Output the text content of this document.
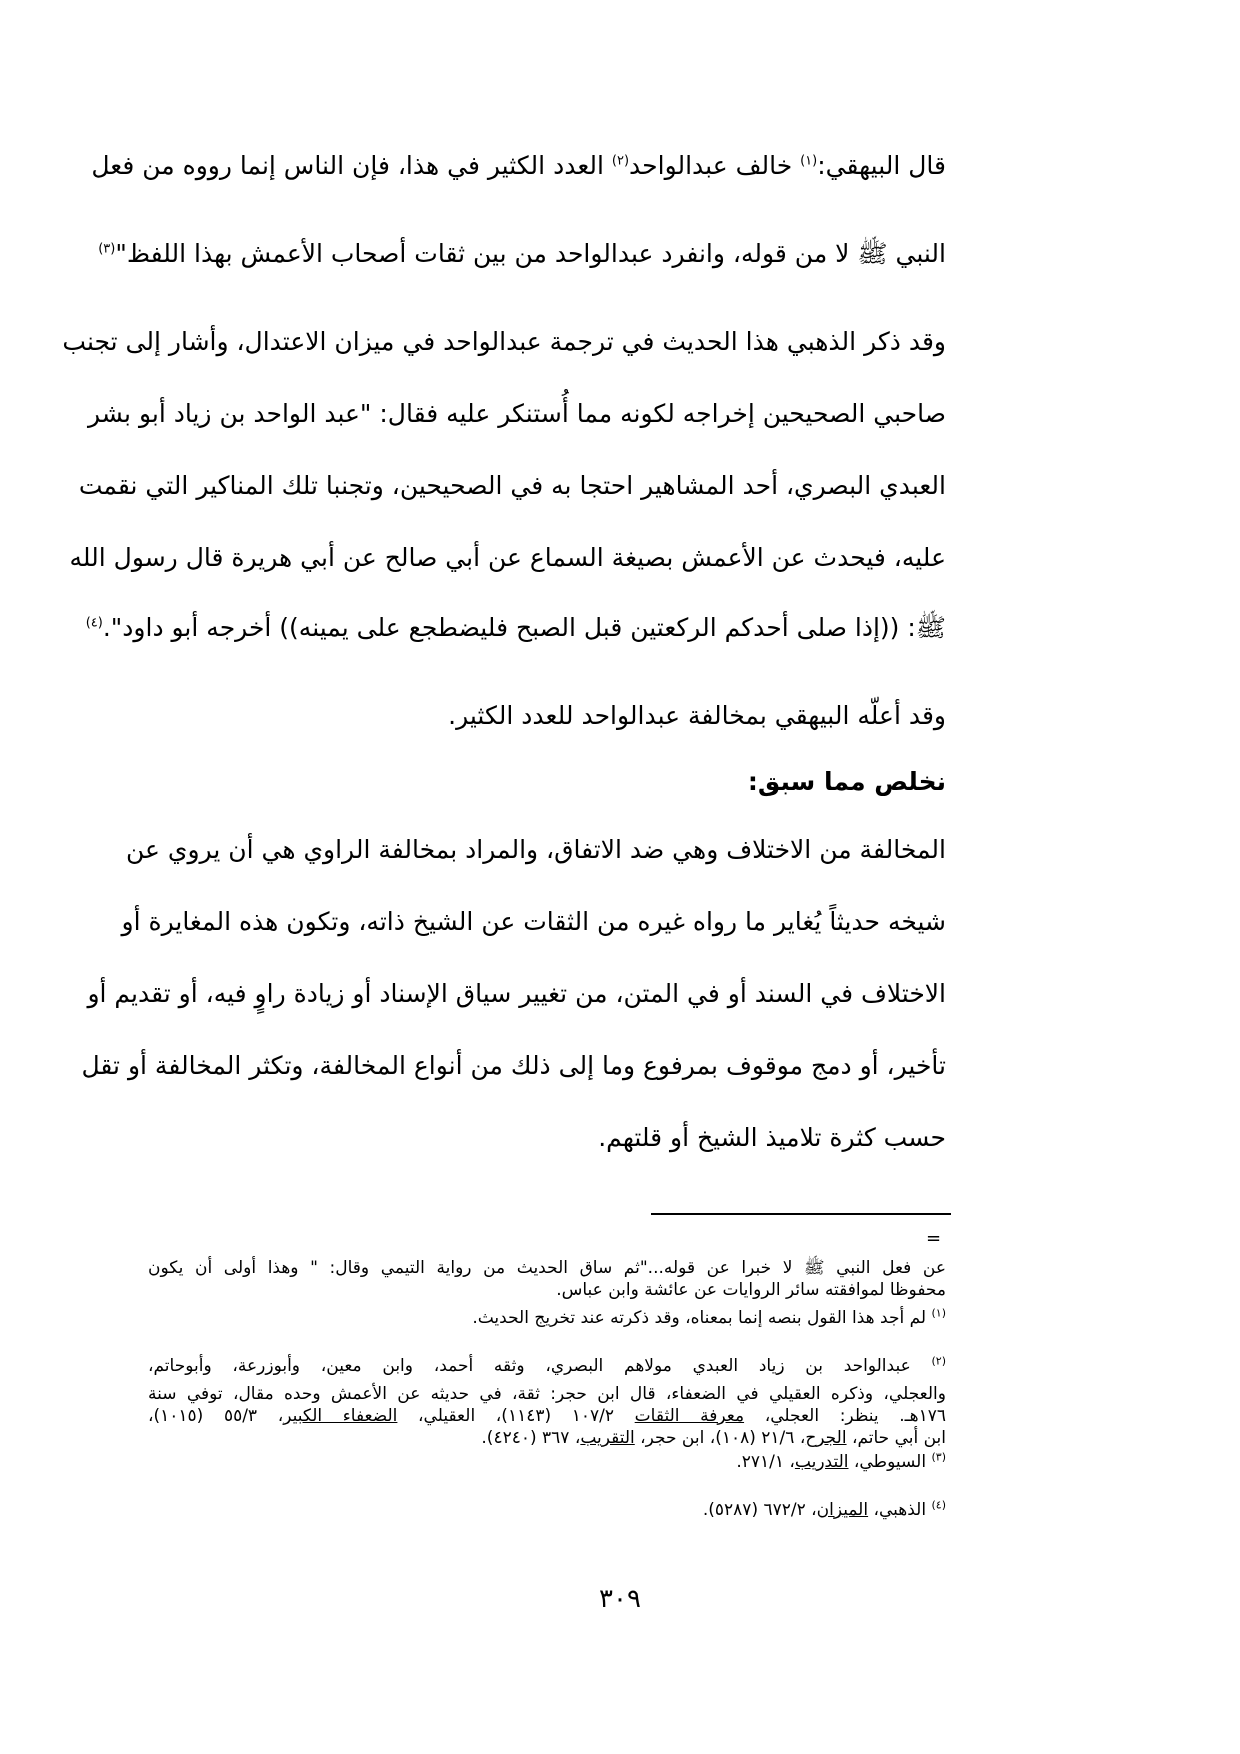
قال البيهقي:$^{(١)}$ خالف عبدالواحد$^{(٢)}$ العدد الكثير في هذا، فإن الناس إنما رووه من فعل
النبي ﷺ لا من قوله، وانفرد عبدالواحد من بين ثقات أصحاب الأعمش بهذا اللفظ"$^{(٣)}$
وقد ذكر الذهبي هذا الحديث في ترجمة عبدالواحد في ميزان الاعتدال، وأشار إلى تجنب
صاحبي الصحيحين إخراجه لكونه مما أُستنكر عليه فقال: "عبد الواحد بن زياد أبو بشر
العبدي البصري، أحد المشاهير احتجا به في الصحيحين، وتجنبا تلك المناكير التي نقمت
عليه، فيحدث عن الأعمش بصيغة السماع عن أبي صالح عن أبي هريرة قال رسول الله
ﷺ: ((إذا صلى أحدكم الركعتين قبل الصبح فليضطجع على يمينه)) أخرجه أبو داود".$^{(٤)}$
وقد أعلّه البيهقي بمخالفة عبدالواحد للعدد الكثير.
نخلص مما سبق:
المخالفة من الاختلاف وهي ضد الاتفاق، والمراد بمخالفة الراوي هي أن يروي عن
شيخه حديثاً يُغاير ما رواه غيره من الثقات عن الشيخ ذاته، وتكون هذه المغايرة أو
الاختلاف في السند أو في المتن، من تغيير سياق الإسناد أو زيادة راوٍ فيه، أو تقديم أو
تأخير، أو دمج موقوف بمرفوع وما إلى ذلك من أنواع المخالفة، وتكثر المخالفة أو تقل
حسب كثرة تلاميذ الشيخ أو قلتهم.
=
عن فعل النبي ﷺ لا خبرا عن قوله..."ثم ساق الحديث من رواية التيمي وقال: " وهذا أولى أن يكون
محفوظا لموافقته سائر الروايات عن عائشة وابن عباس.
$^{(١)}$ لم أجد هذا القول بنصه إنما بمعناه، وقد ذكرته عند تخريج الحديث.
$^{(٢)}$ عبدالواحد بن زياد العبدي مولاهم البصري، وثقه أحمد، وابن معين، وأبوزرعة، وأبوحاتم،
والعجلي، وذكره العقيلي في الضعفاء، قال ابن حجر: ثقة، في حديثه عن الأعمش وحده مقال، توفي سنة
١٧٦هـ. ينظر: العجلي، معرفة الثقات ١٠٧/٢ (١١٤٣)، العقيلي، الضعفاء الكبير، ٥٥/٣ (١٠١٥)،
ابن أبي حاتم، الجرح، ٢١/٦ (١٠٨)، ابن حجر، التقريب، ٣٦٧ (٤٢٤٠).
$^{(٣)}$ السيوطي، التدريب، ٢٧١/١.
$^{(٤)}$ الذهبي، الميزان، ٦٧٢/٢ (٥٢٨٧).
٣٠٩
